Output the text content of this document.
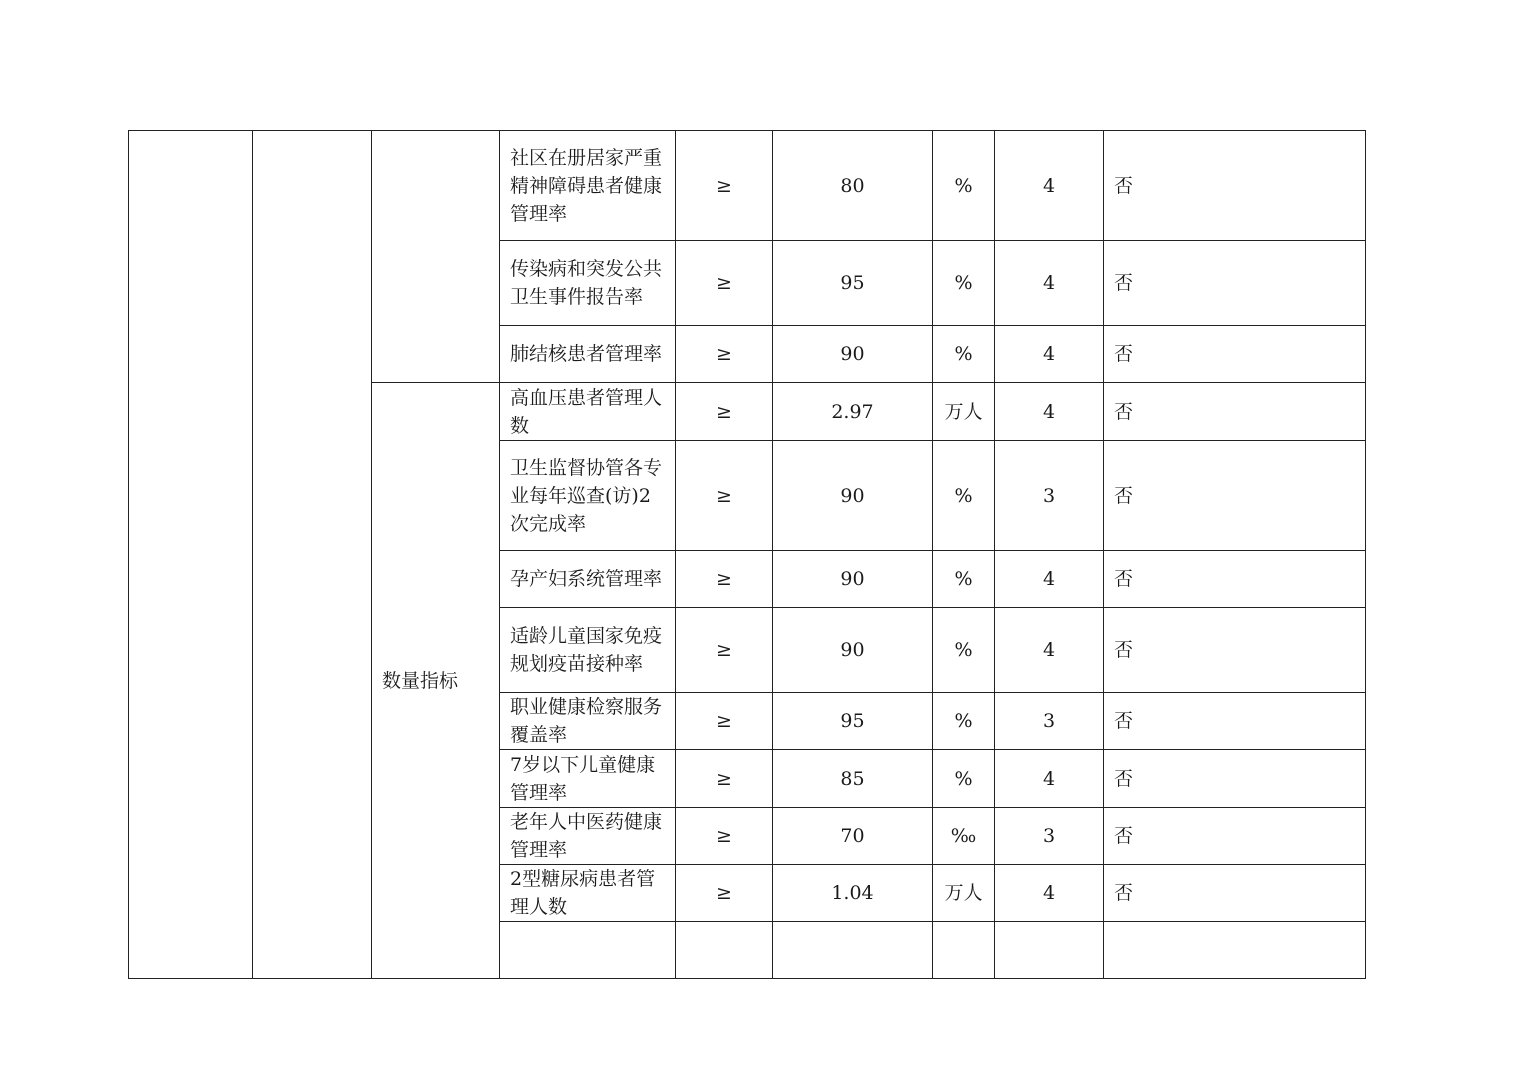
			社区在册居家严重精神障碍患者健康管理率	≥	80	%	4	否
			传染病和突发公共卫生事件报告率	≥	95	%	4	否
			肺结核患者管理率	≥	90	%	4	否
		数量指标	高血压患者管理人数	≥	2.97	万人	4	否
			卫生监督协管各专业每年巡查(访)2次完成率	≥	90	%	3	否
			孕产妇系统管理率	≥	90	%	4	否
			适龄儿童国家免疫规划疫苗接种率	≥	90	%	4	否
			职业健康检察服务覆盖率	≥	95	%	3	否
			7岁以下儿童健康管理率	≥	85	%	4	否
			老年人中医药健康管理率	≥	70	‰	3	否
			2型糖尿病患者管理人数	≥	1.04	万人	4	否
